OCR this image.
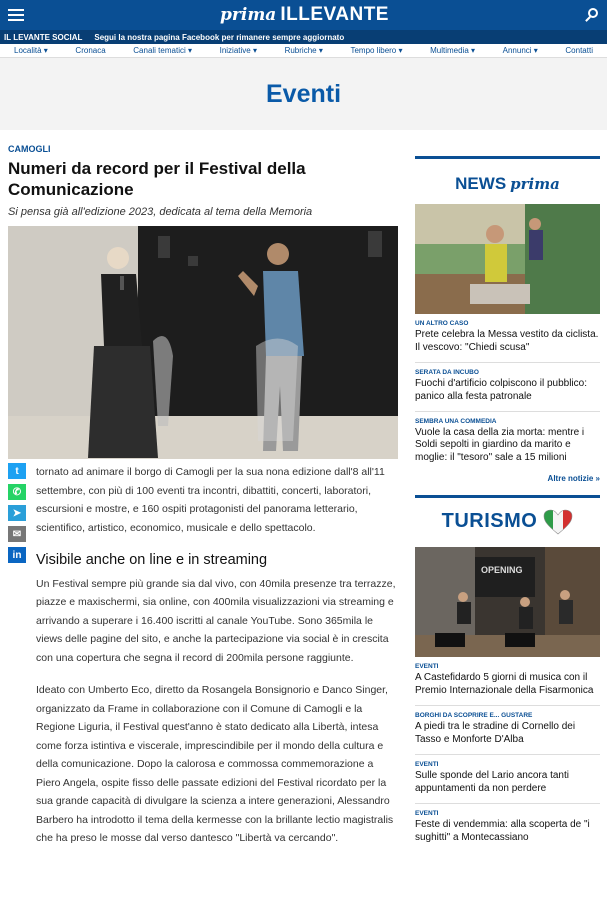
prima ILLEVANTE
IL LEVANTE SOCIAL Segui la nostra pagina Facebook per rimanere sempre aggiornato
Località ▾	Cronaca	Canali tematici ▾	Iniziative ▾	Rubriche ▾	Tempo libero ▾	Multimedia ▾	Annunci ▾	Contatti
Eventi
CAMOGLI
Numeri da record per il Festival della Comunicazione
Si pensa già all'edizione 2023, dedicata al tema della Memoria
t
✆
➤
✉
in

tornato ad animare il borgo di Camogli per la sua nona edizione dall'8 all'11 settembre, con più di 100 eventi tra incontri, dibattiti, concerti, laboratori, escursioni e mostre, e 160 ospiti protagonisti del panorama letterario, scientifico, artistico, economico, musicale e dello spettacolo.

Visibile anche on line e in streaming

Un Festival sempre più grande sia dal vivo, con 40mila presenze tra terrazze, piazze e maxischermi, sia online, con 400mila visualizzazioni via streaming e arrivando a superare i 16.400 iscritti al canale YouTube. Sono 365mila le views delle pagine del sito, e anche la partecipazione via social è in crescita con una copertura che segna il record di 200mila persone raggiunte.

Ideato con Umberto Eco, diretto da Rosangela Bonsignorio e Danco Singer, organizzato da Frame in collaborazione con il Comune di Camogli e la Regione Liguria, il Festival quest'anno è stato dedicato alla Libertà, intesa come forza istintiva e viscerale, imprescindibile per il mondo della cultura e della comunicazione. Dopo la calorosa e commossa commemorazione a Piero Angela, ospite fisso delle passate edizioni del Festival ricordato per la sua grande capacità di divulgare la scienza a intere generazioni, Alessandro Barbero ha introdotto il tema della kermesse con la brillante lectio magistralis che ha preso le mosse dal verso dantesco "Libertà va cercando".

NEWS prima
UN ALTRO CASO
Prete celebra la Messa vestito da ciclista. Il vescovo: "Chiedi scusa"
SERATA DA INCUBO
Fuochi d'artificio colpiscono il pubblico: panico alla festa patronale
SEMBRA UNA COMMEDIA
Vuole la casa della zia morta: mentre i
Soldi sepolti in giardino da marito e moglie: il "tesoro" sale a 15 milioni
Altre notizie »
TURISMO
OPENING
EVENTI
A Castefidardo 5 giorni di musica con il Premio Internazionale della Fisarmonica
BORGHI DA SCOPRIRE E... GUSTARE
A piedi tra le stradine di Cornello dei Tasso e Monforte D'Alba
EVENTI
Sulle sponde del Lario ancora tanti appuntamenti da non perdere
EVENTI
Feste di vendemmia: alla scoperta de "i sughitti" a Montecassiano
